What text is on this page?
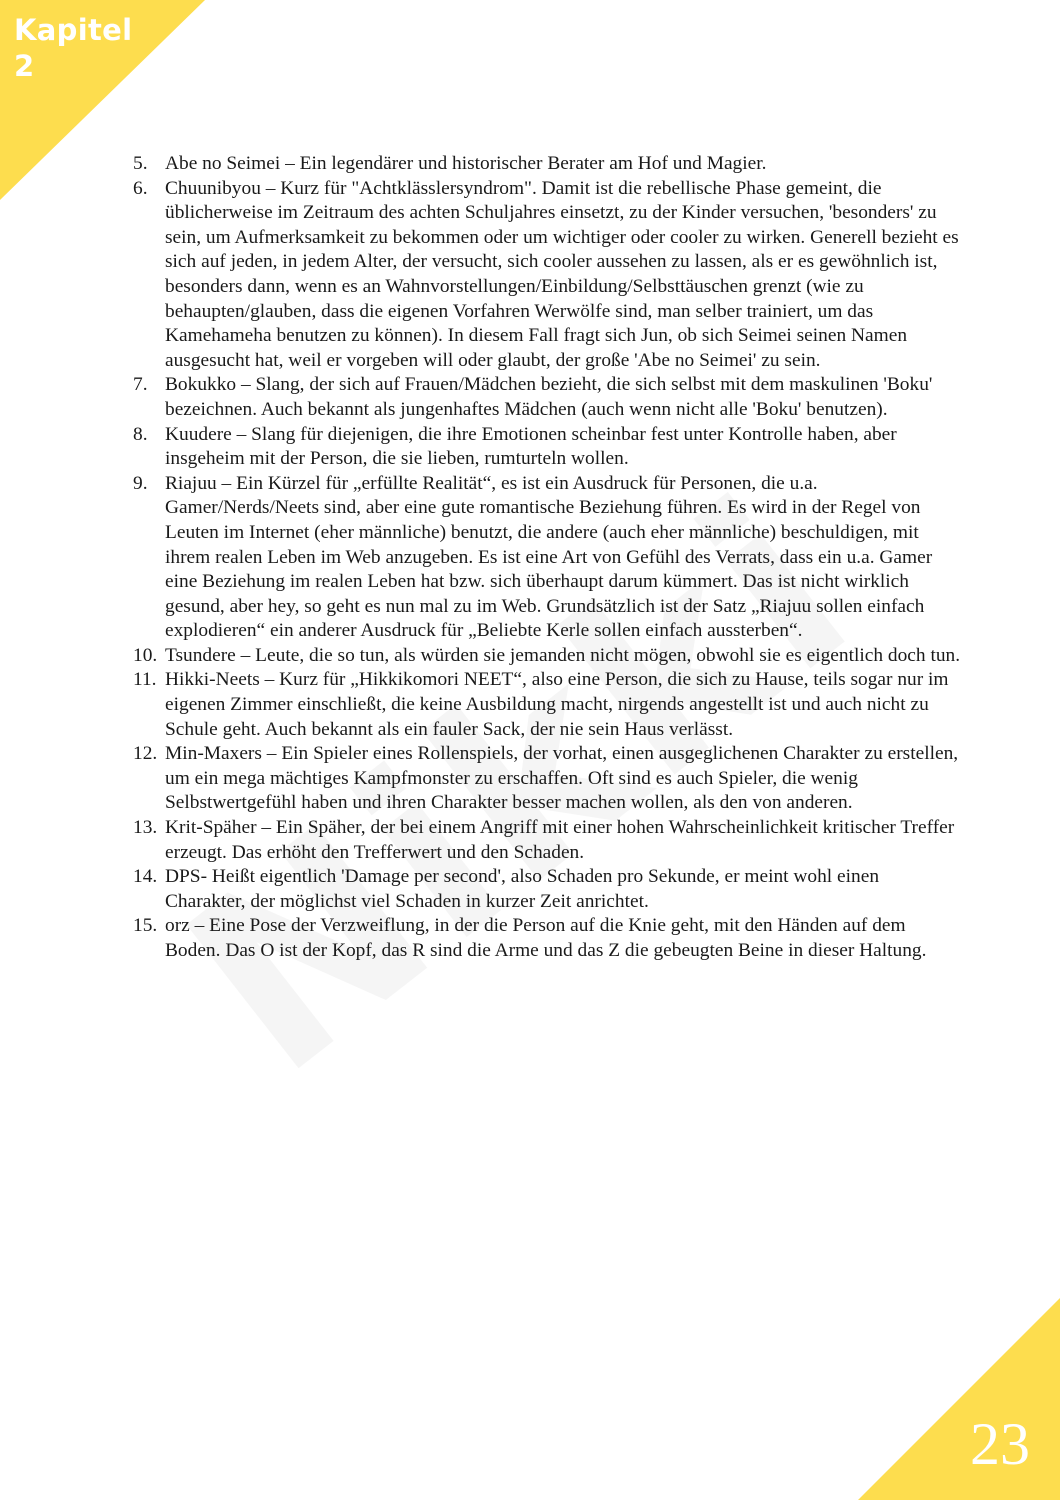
Kapitel
2
5. Abe no Seimei – Ein legendärer und historischer Berater am Hof und Magier.
6. Chuunibyou – Kurz für "Achtklässlersyndrom". Damit ist die rebellische Phase gemeint, die üblicherweise im Zeitraum des achten Schuljahres einsetzt, zu der Kinder versuchen, 'besonders' zu sein, um Aufmerksamkeit zu bekommen oder um wichtiger oder cooler zu wirken. Generell bezieht es sich auf jeden, in jedem Alter, der versucht, sich cooler aussehen zu lassen, als er es gewöhnlich ist, besonders dann, wenn es an Wahnvorstellungen/Einbildung/Selbsttäuschen grenzt (wie zu behaupten/glauben, dass die eigenen Vorfahren Werwölfe sind, man selber trainiert, um das Kamehameha benutzen zu können). In diesem Fall fragt sich Jun, ob sich Seimei seinen Namen ausgesucht hat, weil er vorgeben will oder glaubt, der große 'Abe no Seimei' zu sein.
7. Bokukko – Slang, der sich auf Frauen/Mädchen bezieht, die sich selbst mit dem maskulinen 'Boku' bezeichnen. Auch bekannt als jungenhaftes Mädchen (auch wenn nicht alle 'Boku' benutzen).
8. Kuudere – Slang für diejenigen, die ihre Emotionen scheinbar fest unter Kontrolle haben, aber insgeheim mit der Person, die sie lieben, rumturteln wollen.
9. Riajuu – Ein Kürzel für „erfüllte Realität“, es ist ein Ausdruck für Personen, die u.a. Gamer/Nerds/Neets sind, aber eine gute romantische Beziehung führen. Es wird in der Regel von Leuten im Internet (eher männliche) benutzt, die andere (auch eher männliche) beschuldigen, mit ihrem realen Leben im Web anzugeben. Es ist eine Art von Gefühl des Verrats, dass ein u.a. Gamer eine Beziehung im realen Leben hat bzw. sich überhaupt darum kümmert. Das ist nicht wirklich gesund, aber hey, so geht es nun mal zu im Web. Grundsätzlich ist der Satz „Riajuu sollen einfach explodieren“ ein anderer Ausdruck für „Beliebte Kerle sollen einfach aussterben“.
10. Tsundere – Leute, die so tun, als würden sie jemanden nicht mögen, obwohl sie es eigentlich doch tun.
11. Hikki-Neets – Kurz für „Hikkikomori NEET“, also eine Person, die sich zu Hause, teils sogar nur im eigenen Zimmer einschließt, die keine Ausbildung macht, nirgends angestellt ist und auch nicht zu Schule geht. Auch bekannt als ein fauler Sack, der nie sein Haus verlässt.
12. Min-Maxers – Ein Spieler eines Rollenspiels, der vorhat, einen ausgeglichenen Charakter zu erstellen, um ein mega mächtiges Kampfmonster zu erschaffen. Oft sind es auch Spieler, die wenig Selbstwertgefühl haben und ihren Charakter besser machen wollen, als den von anderen.
13. Krit-Späher – Ein Späher, der bei einem Angriff mit einer hohen Wahrscheinlichkeit kritischer Treffer erzeugt. Das erhöht den Trefferwert und den Schaden.
14. DPS- Heißt eigentlich 'Damage per second', also Schaden pro Sekunde, er meint wohl einen Charakter, der möglichst viel Schaden in kurzer Zeit anrichtet.
15. orz – Eine Pose der Verzweiflung, in der die Person auf die Knie geht, mit den Händen auf dem Boden. Das O ist der Kopf, das R sind die Arme und das Z die gebeugten Beine in dieser Haltung.
23
